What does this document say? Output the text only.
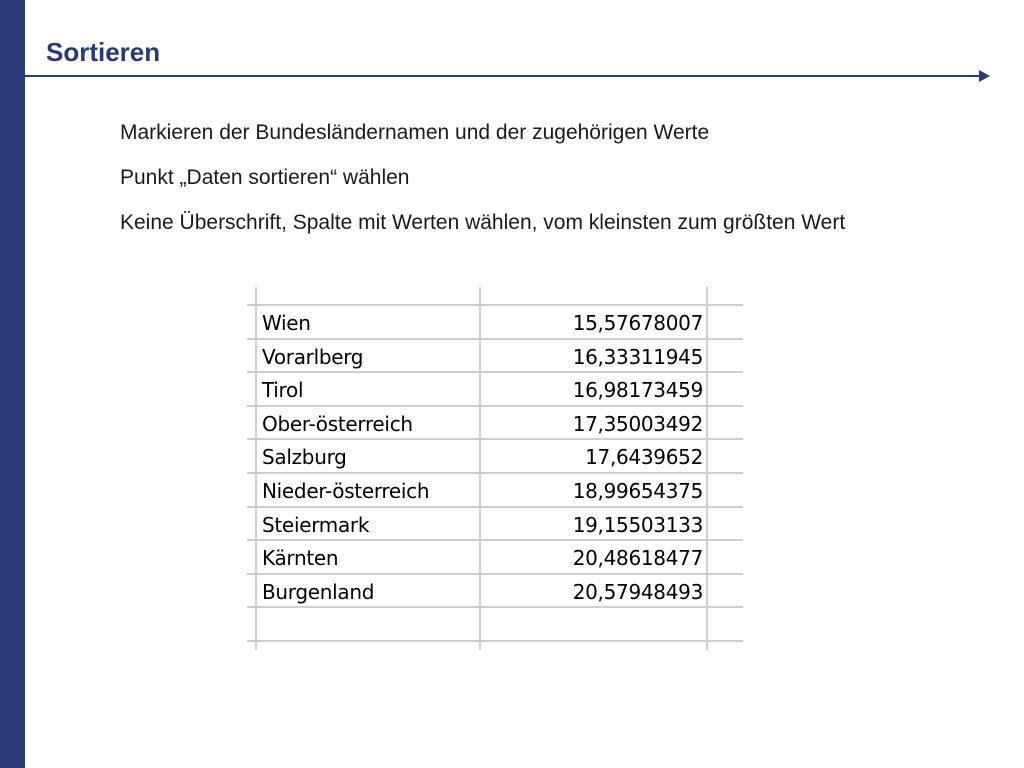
Sortieren
Markieren der Bundesländernamen und der zugehörigen Werte
Punkt „Daten sortieren“ wählen
Keine Überschrift, Spalte mit Werten wählen, vom kleinsten zum größten Wert
Wien	15,57678007
Vorarlberg	16,33311945
Tirol	16,98173459
Ober-österreich	17,35003492
Salzburg	17,6439652
Nieder-österreich	18,99654375
Steiermark	19,15503133
Kärnten	20,48618477
Burgenland	20,57948493
